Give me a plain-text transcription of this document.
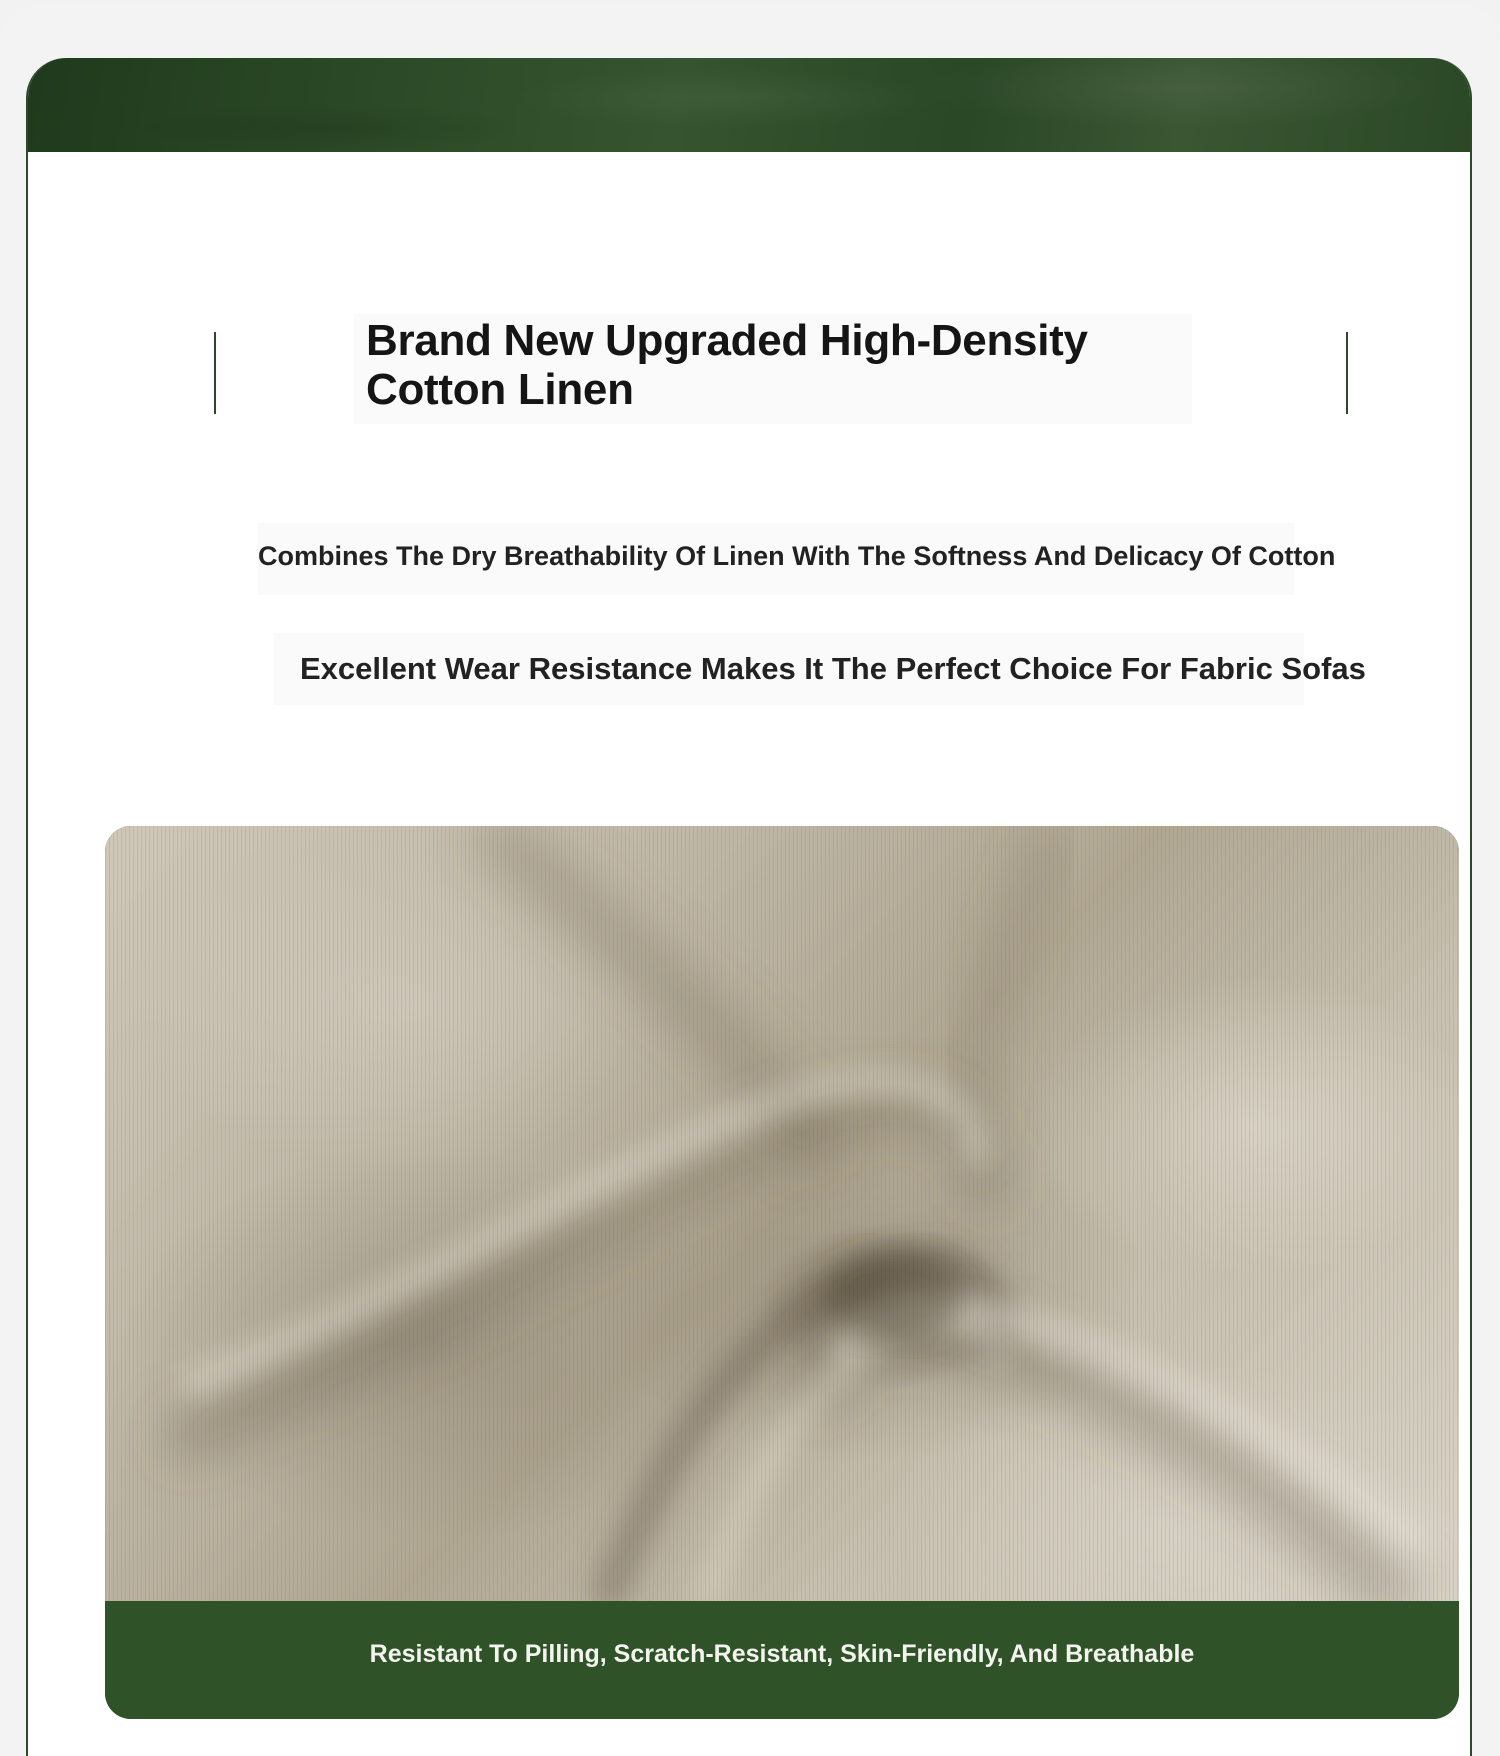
Brand New Upgraded High-Density Cotton Linen

Combines The Dry Breathability Of Linen With The Softness And Delicacy Of Cotton

Excellent Wear Resistance Makes It The Perfect Choice For Fabric Sofas

Resistant To Pilling, Scratch-Resistant, Skin-Friendly, And Breathable
